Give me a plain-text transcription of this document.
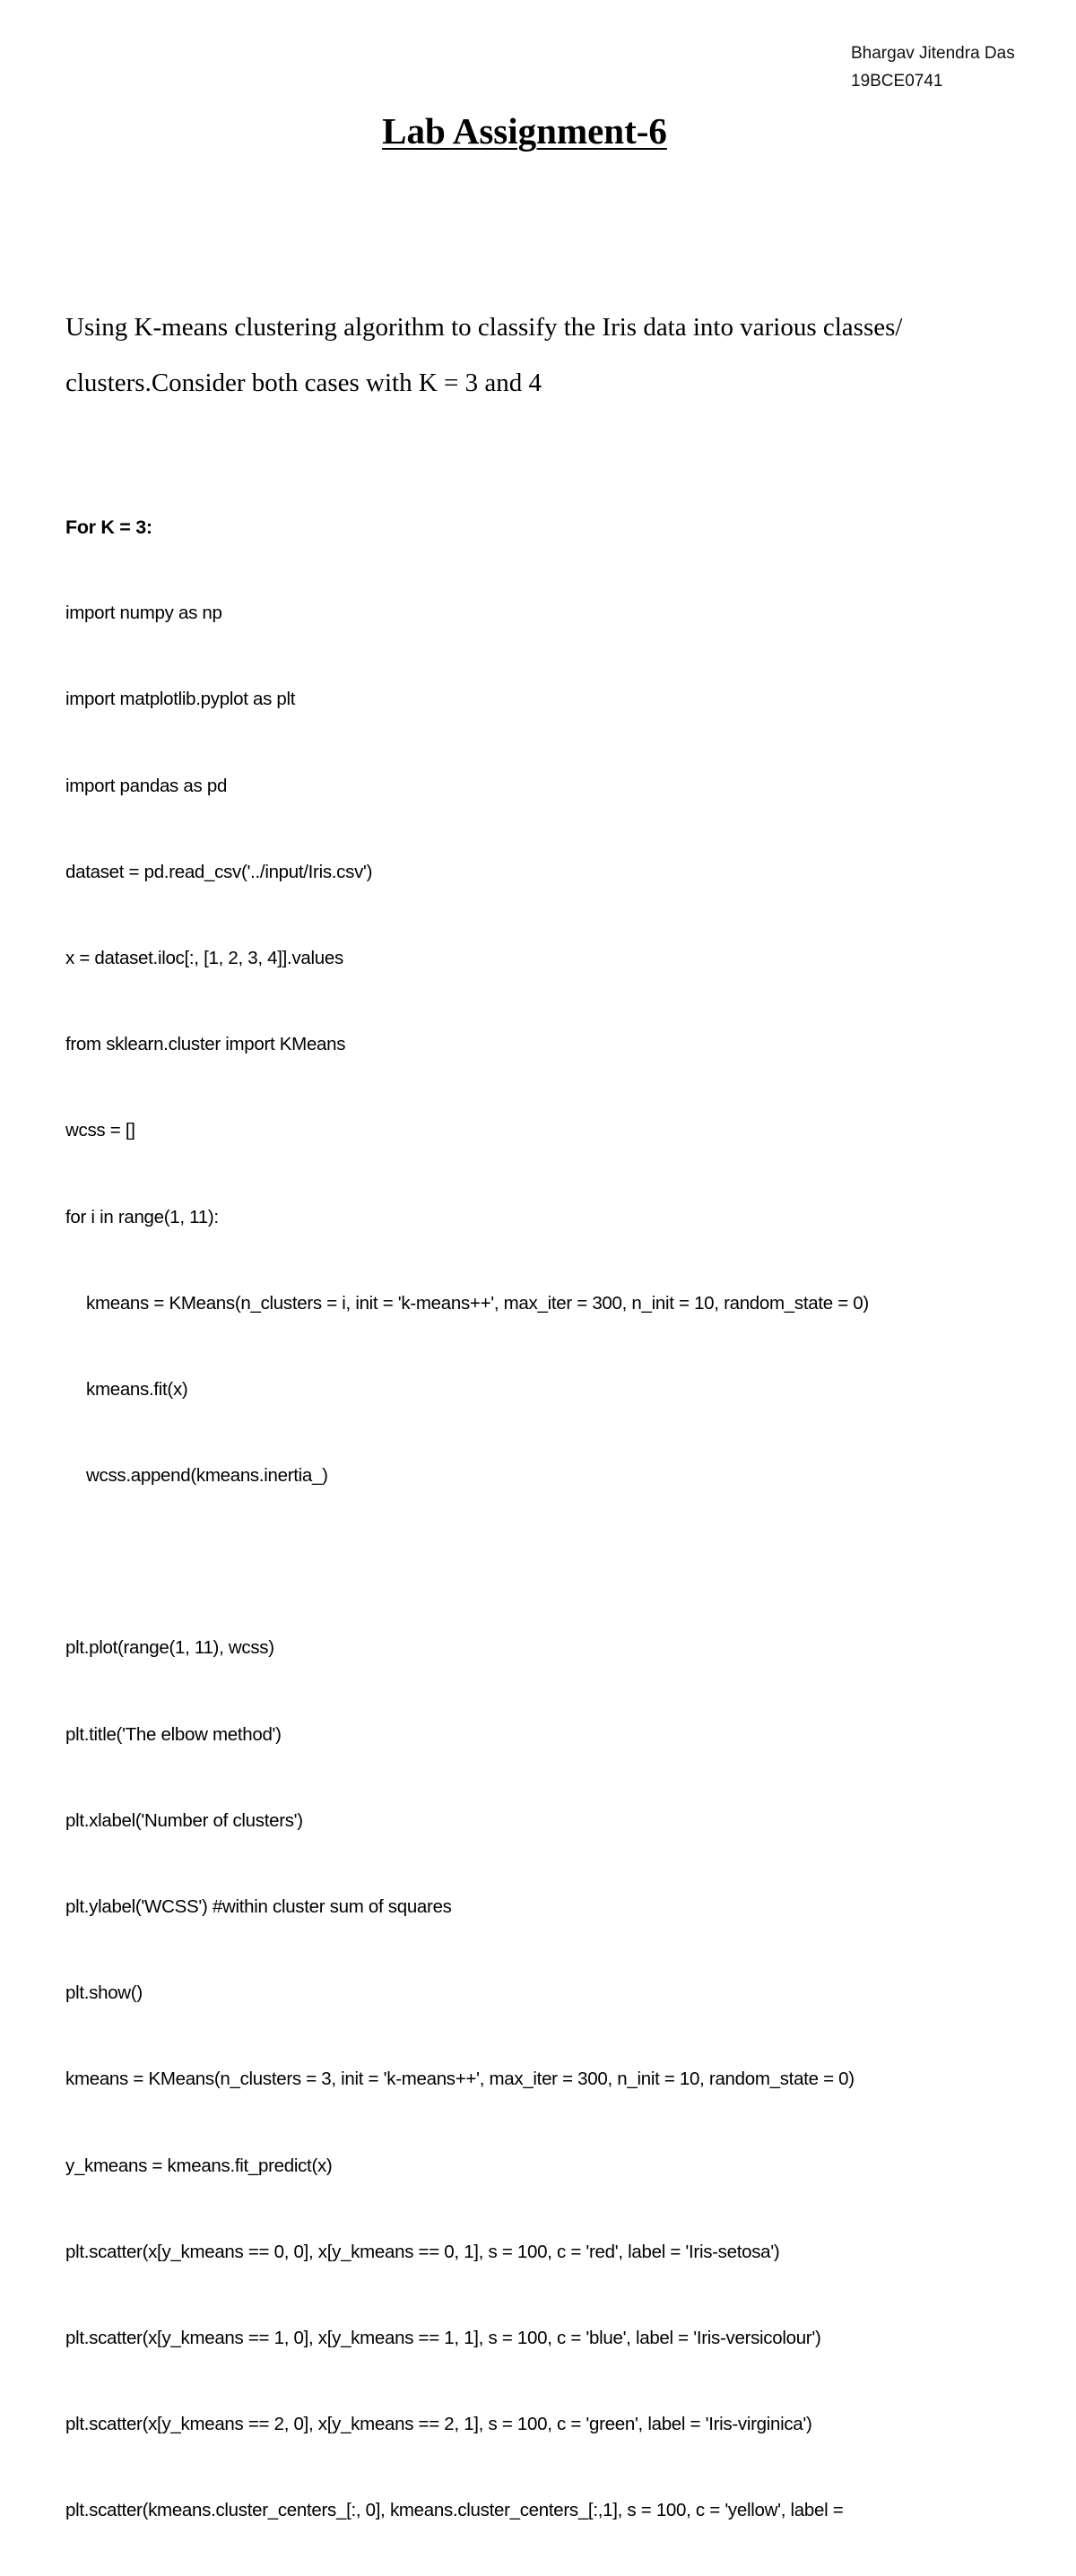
Bhargav Jitendra Das
19BCE0741
Lab Assignment-6

Using K-means clustering algorithm to classify the Iris data into various classes/
clusters.Consider both cases with K = 3 and 4

For K = 3:

import numpy as np

import matplotlib.pyplot as plt

import pandas as pd

dataset = pd.read_csv('../input/Iris.csv')

x = dataset.iloc[:, [1, 2, 3, 4]].values

from sklearn.cluster import KMeans

wcss = []

for i in range(1, 11):

kmeans = KMeans(n_clusters = i, init = 'k-means++', max_iter = 300, n_init = 10, random_state = 0)

kmeans.fit(x)

wcss.append(kmeans.inertia_)

plt.plot(range(1, 11), wcss)

plt.title('The elbow method')

plt.xlabel('Number of clusters')

plt.ylabel('WCSS') #within cluster sum of squares

plt.show()

kmeans = KMeans(n_clusters = 3, init = 'k-means++', max_iter = 300, n_init = 10, random_state = 0)

y_kmeans = kmeans.fit_predict(x)

plt.scatter(x[y_kmeans == 0, 0], x[y_kmeans == 0, 1], s = 100, c = 'red', label = 'Iris-setosa')

plt.scatter(x[y_kmeans == 1, 0], x[y_kmeans == 1, 1], s = 100, c = 'blue', label = 'Iris-versicolour')

plt.scatter(x[y_kmeans == 2, 0], x[y_kmeans == 2, 1], s = 100, c = 'green', label = 'Iris-virginica')

plt.scatter(kmeans.cluster_centers_[:, 0], kmeans.cluster_centers_[:,1], s = 100, c = 'yellow', label =
